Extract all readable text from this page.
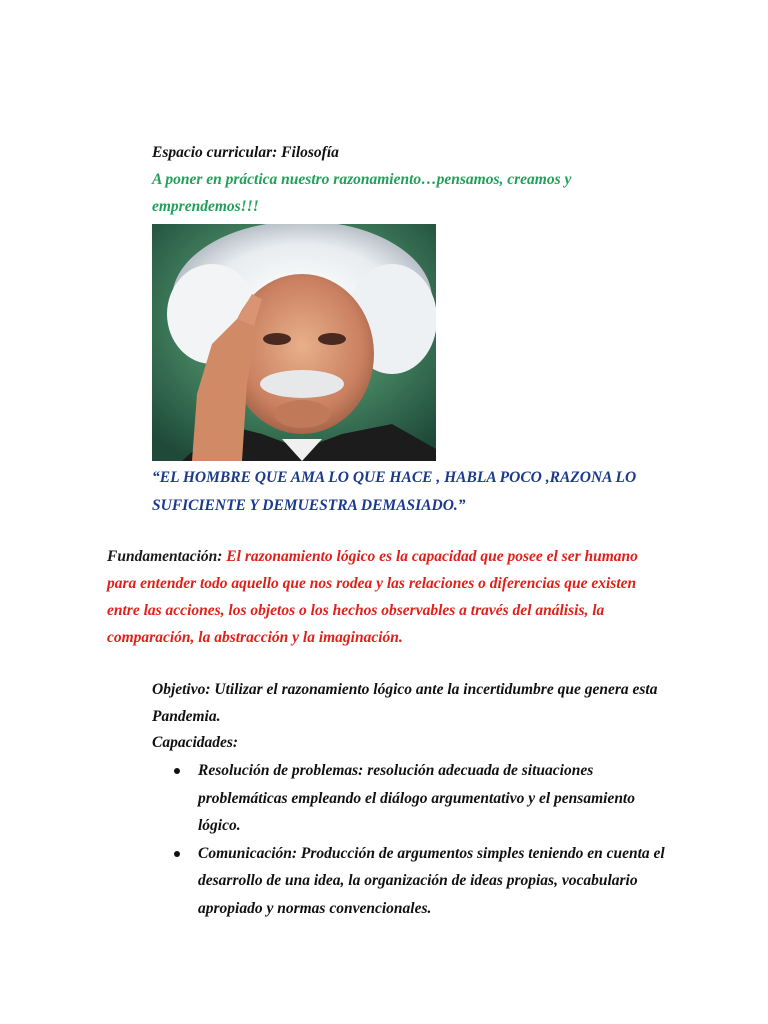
Espacio curricular: Filosofía
A poner en práctica nuestro razonamiento…pensamos, creamos y emprendemos!!!
“EL HOMBRE QUE AMA LO QUE HACE , HABLA POCO ,RAZONA LO SUFICIENTE Y DEMUESTRA DEMASIADO.”
Fundamentación: El razonamiento lógico es la capacidad que posee el ser humano para entender todo aquello que nos rodea y las relaciones o diferencias que existen entre las acciones, los objetos o los hechos observables a través del análisis, la comparación, la abstracción y la imaginación.
Objetivo: Utilizar el razonamiento lógico ante la incertidumbre que genera esta Pandemia.
Capacidades:
Resolución de problemas: resolución adecuada de situaciones problemáticas empleando el diálogo argumentativo y el pensamiento lógico.
Comunicación: Producción de argumentos simples teniendo en cuenta el desarrollo de una idea, la organización de ideas propias, vocabulario apropiado y normas convencionales.
